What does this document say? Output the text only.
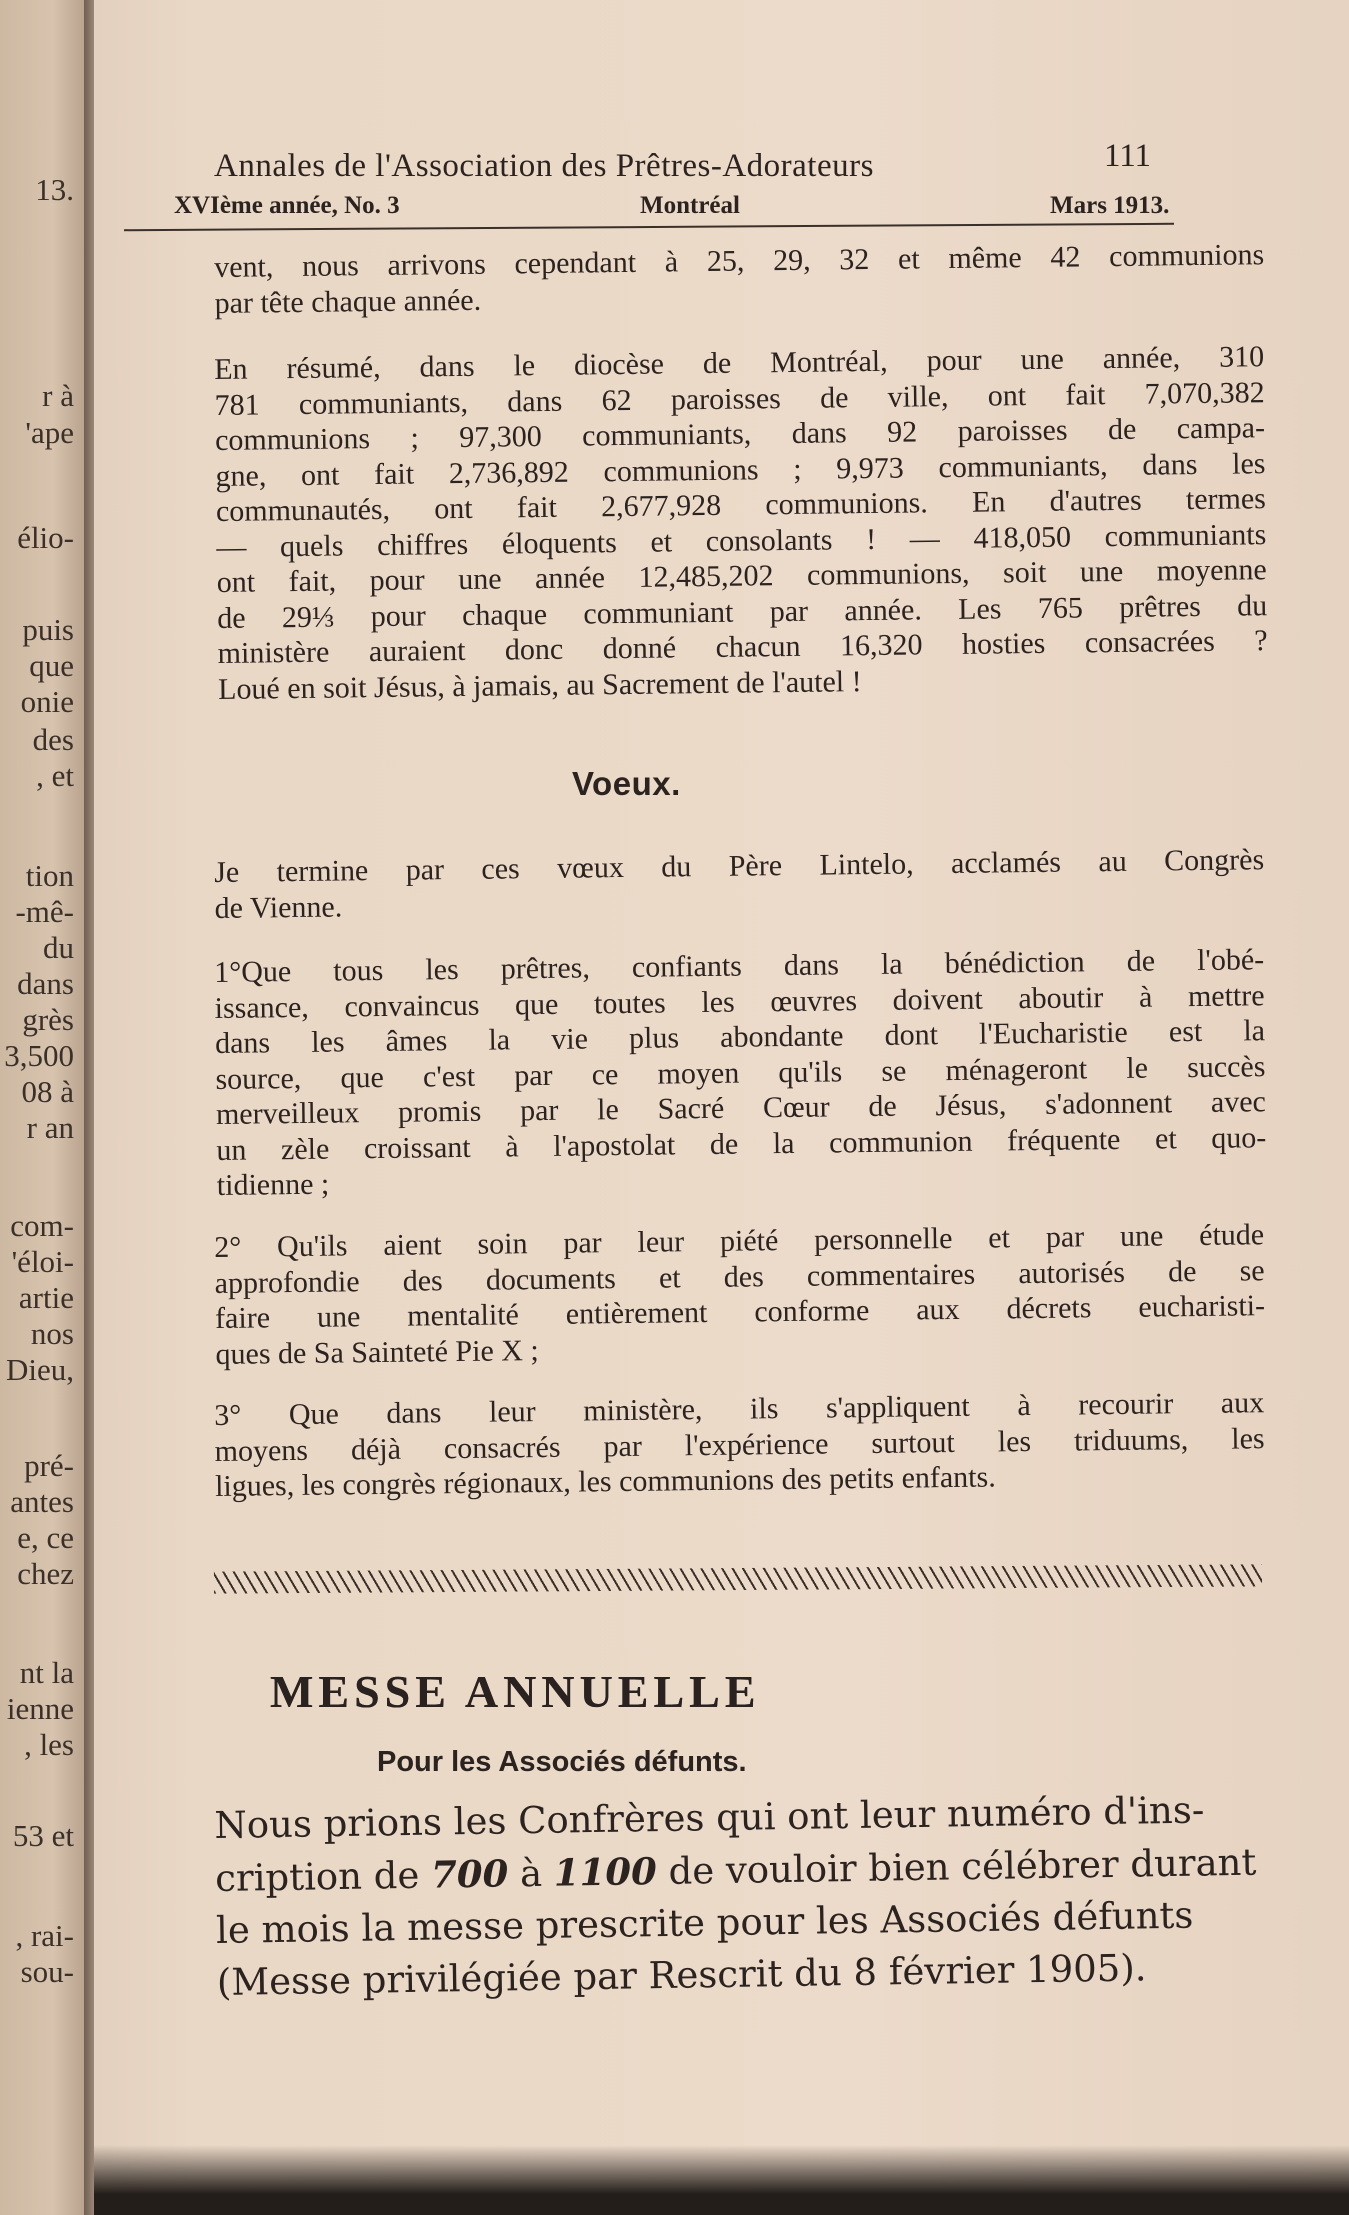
13.
r à
'ape
élio-
puis
que
onie
des
, et
tion
-mê-
du
dans
grès
3,500
08 à
r an
com-
'éloi-
artie
nos
Dieu,
pré-
antes
e, ce
chez
nt la
ienne
, les
53 et
, rai-
sou-
Annales de l'Association des Prêtres-Adorateurs	111
XVIème année, No. 3	Montréal	Mars 1913.
vent, nous arrivons cependant à 25, 29, 32 et même 42 communions
par tête chaque année.
En résumé, dans le diocèse de Montréal, pour une année, 310
781 communiants, dans 62 paroisses de ville, ont fait 7,070,382
communions ; 97,300 communiants, dans 92 paroisses de campa-
gne, ont fait 2,736,892 communions ; 9,973 communiants, dans les
communautés, ont fait 2,677,928 communions. En d'autres termes
— quels chiffres éloquents et consolants ! — 418,050 communiants
ont fait, pour une année 12,485,202 communions, soit une moyenne
de 29⅓ pour chaque communiant par année. Les 765 prêtres du
ministère auraient donc donné chacun 16,320 hosties consacrées ?
Loué en soit Jésus, à jamais, au Sacrement de l'autel !
Voeux.
Je termine par ces vœux du Père Lintelo, acclamés au Congrès
de Vienne.
1°Que tous les prêtres, confiants dans la bénédiction de l'obé-
issance, convaincus que toutes les œuvres doivent aboutir à mettre
dans les âmes la vie plus abondante dont l'Eucharistie est la
source, que c'est par ce moyen qu'ils se ménageront le succès
merveilleux promis par le Sacré Cœur de Jésus, s'adonnent avec
un zèle croissant à l'apostolat de la communion fréquente et quo-
tidienne ;
2° Qu'ils aient soin par leur piété personnelle et par une étude
approfondie des documents et des commentaires autorisés de se
faire une mentalité entièrement conforme aux décrets eucharisti-
ques de Sa Sainteté Pie X ;
3° Que dans leur ministère, ils s'appliquent à recourir aux
moyens déjà consacrés par l'expérience surtout les triduums, les
ligues, les congrès régionaux, les communions des petits enfants.
MESSE ANNUELLE
Pour les Associés défunts.
Nous prions les Confrères qui ont leur numéro d'ins-
cription de 700 à 1100 de vouloir bien célébrer durant
le mois la messe prescrite pour les Associés défunts
(Messe privilégiée par Rescrit du 8 février 1905).
